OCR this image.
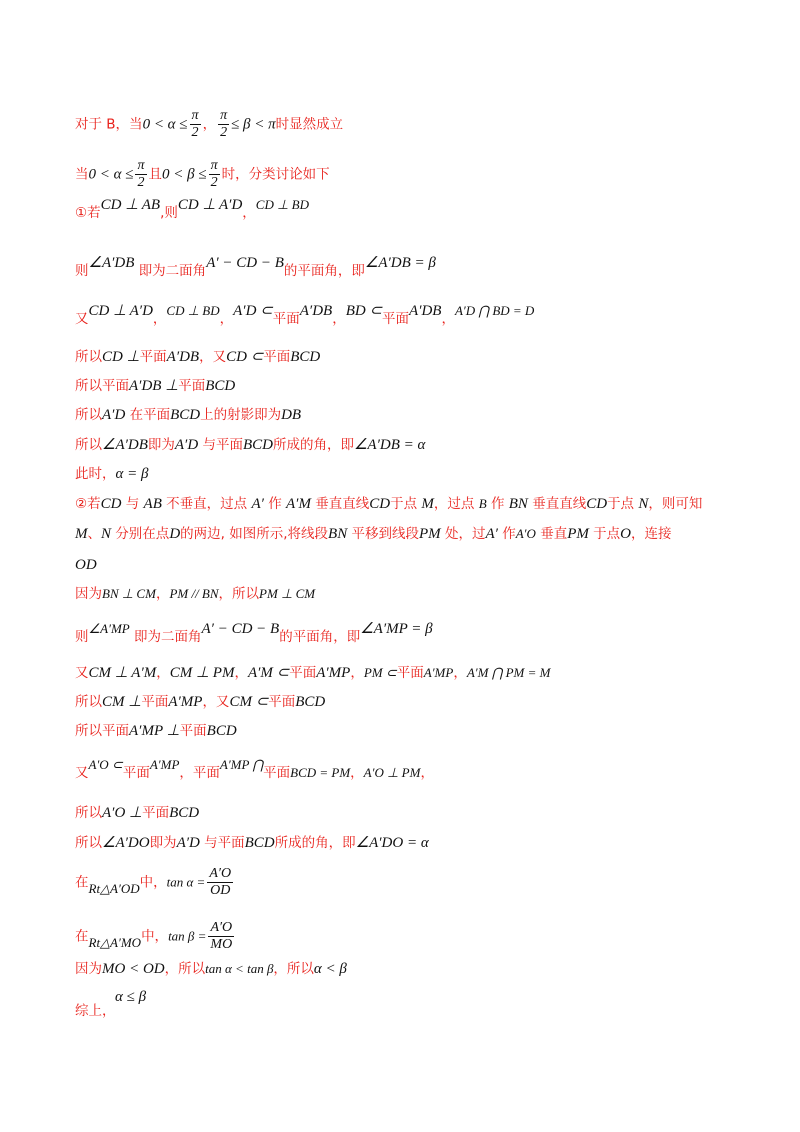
对于 B，当$0 < \alpha \le \frac{\pi}{2}$ ， $\frac{\pi}{2} \le \beta < \pi$时显然成立
当$0 < \alpha \le \frac{\pi}{2}$ 且$0 < \beta \le \frac{\pi}{2}$ 时，分类讨论如下
①若CD ⊥ AB,则CD ⊥ A′D，CD ⊥ BD
则∠A′DB 即为二面角A′ − CD − B的平面角，即∠A′DB = β
又CD ⊥ A′D，CD ⊥ BD，A′D ⊂平面A′DB，BD ⊂平面A′DB，A′D ⋂ BD = D
所以CD ⊥平面A′DB，又CD ⊂平面BCD
所以平面A′DB ⊥平面BCD
所以A′D 在平面BCD上的射影即为DB
所以∠A′DB即为A′D 与平面BCD所成的角，即∠A′DB = α
此时，α = β
②若CD 与 AB 不垂直，过点 A′ 作 A′M 垂直直线CD于点 M，过点 B 作 BN 垂直直线CD于点 N，则可知
M、N 分别在点D的两边, 如图所示,将线段BN 平移到线段PM 处，过A′ 作A′O 垂直PM 于点O，连接
OD
因为BN ⊥ CM，PM // BN，所以PM ⊥ CM
则∠A′MP 即为二面角A′ − CD − B的平面角，即∠A′MP = β
又CM ⊥ A′M，CM ⊥ PM，A′M ⊂平面A′MP，PM ⊂平面A′MP，A′M ⋂ PM = M
所以CM ⊥平面A′MP，又CM ⊂平面BCD
所以平面A′MP ⊥平面BCD
又A′O ⊂平面A′MP，平面A′MP ⋂平面BCD = PM，A′O ⊥ PM，
所以A′O ⊥平面BCD
所以∠A′DO即为A′D 与平面BCD所成的角，即∠A′DO = α
在Rt△A′OD中，$\tan \alpha = \frac{A'O}{OD}$
在Rt△A′MO中，$\tan \beta = \frac{A'O}{MO}$
因为MO < OD，所以tan α < tan β，所以α < β
α ≤ β
综上，
